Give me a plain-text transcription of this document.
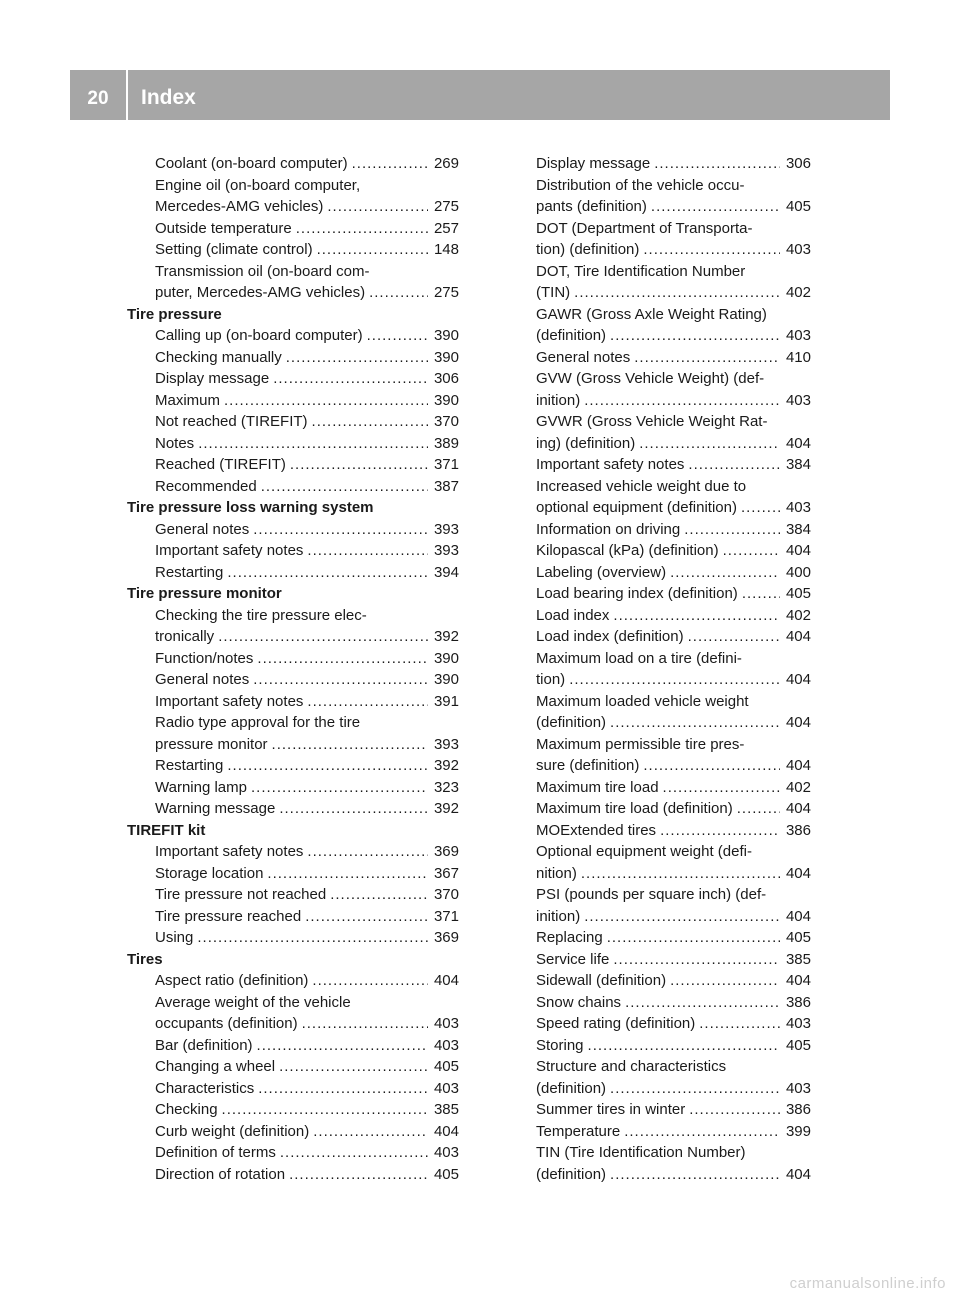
20	Index
Coolant (on-board computer) .....	269
Engine oil (on-board computer,
Mercedes-AMG vehicles) .....	275
Outside temperature .....	257
Setting (climate control) .....	148
Transmission oil (on-board com-
puter, Mercedes-AMG vehicles) .....	275
Tire pressure
Calling up (on-board computer) .....	390
Checking manually .....	390
Display message .....	306
Maximum .....	390
Not reached (TIREFIT) .....	370
Notes .....	389
Reached (TIREFIT) .....	371
Recommended .....	387
Tire pressure loss warning system
General notes .....	393
Important safety notes .....	393
Restarting .....	394
Tire pressure monitor
Checking the tire pressure elec-
tronically .....	392
Function/notes .....	390
General notes .....	390
Important safety notes .....	391
Radio type approval for the tire
pressure monitor .....	393
Restarting .....	392
Warning lamp .....	323
Warning message .....	392
TIREFIT kit
Important safety notes .....	369
Storage location .....	367
Tire pressure not reached .....	370
Tire pressure reached .....	371
Using .....	369
Tires
Aspect ratio (definition) .....	404
Average weight of the vehicle
occupants (definition) .....	403
Bar (definition) .....	403
Changing a wheel .....	405
Characteristics .....	403
Checking .....	385
Curb weight (definition) .....	404
Definition of terms .....	403
Direction of rotation .....	405
Display message .....	306
Distribution of the vehicle occu-
pants (definition) .....	405
DOT (Department of Transporta-
tion) (definition) .....	403
DOT, Tire Identification Number
(TIN) .....	402
GAWR (Gross Axle Weight Rating)
(definition) .....	403
General notes .....	410
GVW (Gross Vehicle Weight) (def-
inition) .....	403
GVWR (Gross Vehicle Weight Rat-
ing) (definition) .....	404
Important safety notes .....	384
Increased vehicle weight due to
optional equipment (definition) .....	403
Information on driving .....	384
Kilopascal (kPa) (definition) .....	404
Labeling (overview) .....	400
Load bearing index (definition) .....	405
Load index .....	402
Load index (definition) .....	404
Maximum load on a tire (defini-
tion) .....	404
Maximum loaded vehicle weight
(definition) .....	404
Maximum permissible tire pres-
sure (definition) .....	404
Maximum tire load .....	402
Maximum tire load (definition) .....	404
MOExtended tires .....	386
Optional equipment weight (defi-
nition) .....	404
PSI (pounds per square inch) (def-
inition) .....	404
Replacing .....	405
Service life .....	385
Sidewall (definition) .....	404
Snow chains .....	386
Speed rating (definition) .....	403
Storing .....	405
Structure and characteristics
(definition) .....	403
Summer tires in winter .....	386
Temperature .....	399
TIN (Tire Identification Number)
(definition) .....	404
carmanualsonline.info
